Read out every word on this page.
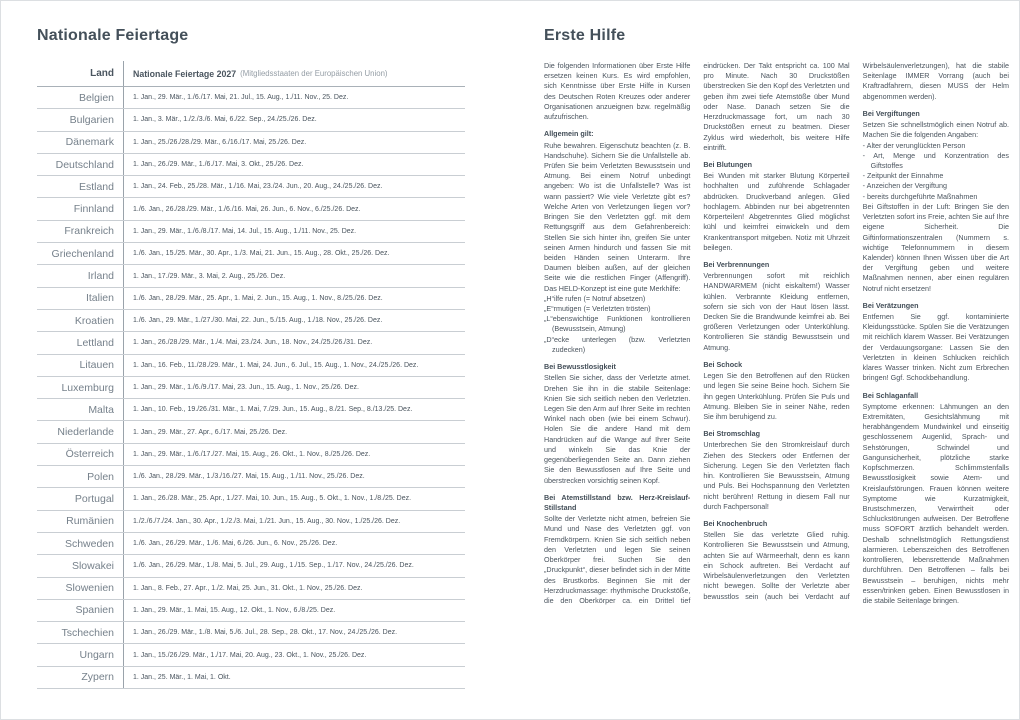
Nationale Feiertage
Land	Nationale Feiertage 2027 (Mitgliedsstaaten der Europäischen Union)
Belgien	1. Jan., 29. Mär., 1./6./17. Mai, 21. Jul., 15. Aug., 1./11. Nov., 25. Dez.
Bulgarien	1. Jan., 3. Mär., 1./2./3./6. Mai, 6./22. Sep., 24./25./26. Dez.
Dänemark	1. Jan., 25./26./28./29. Mär., 6./16./17. Mai, 25./26. Dez.
Deutschland	1. Jan., 26./29. Mär., 1./6./17. Mai, 3. Okt., 25./26. Dez.
Estland	1. Jan., 24. Feb., 25./28. Mär., 1./16. Mai, 23./24. Jun., 20. Aug., 24./25./26. Dez.
Finnland	1./6. Jan., 26./28./29. Mär., 1./6./16. Mai, 26. Jun., 6. Nov., 6./25./26. Dez.
Frankreich	1. Jan., 29. Mär., 1./6./8./17. Mai, 14. Jul., 15. Aug., 1./11. Nov., 25. Dez.
Griechenland	1./6. Jan., 15./25. Mär., 30. Apr., 1./3. Mai, 21. Jun., 15. Aug., 28. Okt., 25./26. Dez.
Irland	1. Jan., 17./29. Mär., 3. Mai, 2. Aug., 25./26. Dez.
Italien	1./6. Jan., 28./29. Mär., 25. Apr., 1. Mai, 2. Jun., 15. Aug., 1. Nov., 8./25./26. Dez.
Kroatien	1./6. Jan., 29. Mär., 1./27./30. Mai, 22. Jun., 5./15. Aug., 1./18. Nov., 25./26. Dez.
Lettland	1. Jan., 26./28./29. Mär., 1./4. Mai, 23./24. Jun., 18. Nov., 24./25./26./31. Dez.
Litauen	1. Jan., 16. Feb., 11./28./29. Mär., 1. Mai, 24. Jun., 6. Jul., 15. Aug., 1. Nov., 24./25./26. Dez.
Luxemburg	1. Jan., 29. Mär., 1./6./9./17. Mai, 23. Jun., 15. Aug., 1. Nov., 25./26. Dez.
Malta	1. Jan., 10. Feb., 19./26./31. Mär., 1. Mai, 7./29. Jun., 15. Aug., 8./21. Sep., 8./13./25. Dez.
Niederlande	1. Jan., 29. Mär., 27. Apr., 6./17. Mai, 25./26. Dez.
Österreich	1. Jan., 29. Mär., 1./6./17./27. Mai, 15. Aug., 26. Okt., 1. Nov., 8./25./26. Dez.
Polen	1./6. Jan., 28./29. Mär., 1./3./16./27. Mai, 15. Aug., 1./11. Nov., 25./26. Dez.
Portugal	1. Jan., 26./28. Mär., 25. Apr., 1./27. Mai, 10. Jun., 15. Aug., 5. Okt., 1. Nov., 1./8./25. Dez.
Rumänien	1./2./6./7./24. Jan., 30. Apr., 1./2./3. Mai, 1./21. Jun., 15. Aug., 30. Nov., 1./25./26. Dez.
Schweden	1./6. Jan., 26./29. Mär., 1./6. Mai, 6./26. Jun., 6. Nov., 25./26. Dez.
Slowakei	1./6. Jan., 26./29. Mär., 1./8. Mai, 5. Jul., 29. Aug., 1./15. Sep., 1./17. Nov., 24./25./26. Dez.
Slowenien	1. Jan., 8. Feb., 27. Apr., 1./2. Mai, 25. Jun., 31. Okt., 1. Nov., 25./26. Dez.
Spanien	1. Jan., 29. Mär., 1. Mai, 15. Aug., 12. Okt., 1. Nov., 6./8./25. Dez.
Tschechien	1. Jan., 26./29. Mär., 1./8. Mai, 5./6. Jul., 28. Sep., 28. Okt., 17. Nov., 24./25./26. Dez.
Ungarn	1. Jan., 15./26./29. Mär., 1./17. Mai, 20. Aug., 23. Okt., 1. Nov., 25./26. Dez.
Zypern	1. Jan., 25. Mär., 1. Mai, 1. Okt.
Erste Hilfe
Die folgenden Informationen über Erste Hilfe ersetzen keinen Kurs. Es wird empfohlen, sich Kenntnisse über Erste Hilfe in Kursen des Deutschen Roten Kreuzes oder anderer Organisationen anzueignen bzw. regelmäßig aufzufrischen.
Allgemein gilt:
Ruhe bewahren. Eigenschutz beachten (z. B. Handschuhe). Sichern Sie die Unfallstelle ab. Prüfen Sie beim Verletzten Bewusstsein und Atmung. Bei einem Notruf unbedingt angeben: Wo ist die Unfallstelle? Was ist wann passiert? Wie viele Verletzte gibt es? Welche Arten von Verletzungen liegen vor? Bringen Sie den Verletzten ggf. mit dem Rettungsgriff aus dem Gefahrenbereich: Stellen Sie sich hinter ihn, greifen Sie unter seinen Armen hindurch und fassen Sie mit beiden Händen seinen Unterarm. Ihre Daumen bleiben außen, auf der gleichen Seite wie die restlichen Finger (Affengriff). Das HELD-Konzept ist eine gute Merkhilfe:
„H“ilfe rufen (= Notruf absetzen)
„E“rmutigen (= Verletzten trösten)
„L“ebenswichtige Funktionen kontrollieren (Bewusstsein, Atmung)
„D“ecke unterlegen (bzw. Verletzten zudecken)
Bei Bewusstlosigkeit
Stellen Sie sicher, dass der Verletzte atmet. Drehen Sie ihn in die stabile Seitenlage: Knien Sie sich seitlich neben den Verletzten. Legen Sie den Arm auf Ihrer Seite im rechten Winkel nach oben (wie bei einem Schwur). Holen Sie die andere Hand mit dem Handrücken auf die Wange auf Ihrer Seite und winkeln Sie das Knie der gegenüberliegenden Seite an. Dann ziehen Sie den Bewusstlosen auf Ihre Seite und überstrecken vorsichtig seinen Kopf.
Bei Atemstillstand bzw. Herz-Kreislauf-Stillstand
Sollte der Verletzte nicht atmen, befreien Sie Mund und Nase des Verletzten ggf. von Fremdkörpern. Knien Sie sich seitlich neben den Verletzten und legen Sie seinen Oberkörper frei. Suchen Sie den „Druckpunkt“, dieser befindet sich in der Mitte des Brustkorbs. Beginnen Sie mit der Herzdruckmassage: rhythmische Druckstöße, die den Oberkörper ca. ein Drittel tief eindrücken. Der Takt entspricht ca. 100 Mal pro Minute. Nach 30 Druckstößen überstrecken Sie den Kopf des Verletzten und geben ihm zwei tiefe Atemstöße über Mund oder Nase. Danach setzen Sie die Herzdruckmassage fort, um nach 30 Druckstößen erneut zu beatmen. Dieser Zyklus wird wiederholt, bis weitere Hilfe eintrifft.
Bei Blutungen
Bei Wunden mit starker Blutung Körperteil hochhalten und zuführende Schlagader abdrücken. Druckverband anlegen. Glied hochlagern. Abbinden nur bei abgetrennten Körperteilen! Abgetrenntes Glied möglichst kühl und keimfrei einwickeln und dem Krankentransport mitgeben. Notiz mit Uhrzeit beilegen.
Bei Verbrennungen
Verbrennungen sofort mit reichlich HANDWARMEM (nicht eiskaltem!) Wasser kühlen. Verbrannte Kleidung entfernen, sofern sie sich von der Haut lösen lässt. Decken Sie die Brandwunde keimfrei ab. Bei größeren Verletzungen oder Unterkühlung. Kontrollieren Sie ständig Bewusstsein und Atmung.
Bei Schock
Legen Sie den Betroffenen auf den Rücken und legen Sie seine Beine hoch. Sichern Sie ihn gegen Unterkühlung. Prüfen Sie Puls und Atmung. Bleiben Sie in seiner Nähe, reden Sie ihm beruhigend zu.
Bei Stromschlag
Unterbrechen Sie den Stromkreislauf durch Ziehen des Steckers oder Entfernen der Sicherung. Legen Sie den Verletzten flach hin. Kontrollieren Sie Bewusstsein, Atmung und Puls. Bei Hochspannung den Verletzten nicht berühren! Rettung in diesem Fall nur durch Fachpersonal!
Bei Knochenbruch
Stellen Sie das verletzte Glied ruhig. Kontrollieren Sie Bewusstsein und Atmung, achten Sie auf Wärmeerhalt, denn es kann ein Schock auftreten. Bei Verdacht auf Wirbelsäulenverletzungen den Verletzten nicht bewegen. Sollte der Verletzte aber bewusstlos sein (auch bei Verdacht auf Wirbelsäulenverletzungen), hat die stabile Seitenlage IMMER Vorrang (auch bei Kraftradfahrern, diesen MUSS der Helm abgenommen werden).
Bei Vergiftungen
Setzen Sie schnellstmöglich einen Notruf ab. Machen Sie die folgenden Angaben:
- Alter der verunglückten Person
- Art, Menge und Konzentration des Giftstoffes
- Zeitpunkt der Einnahme
- Anzeichen der Vergiftung
- bereits durchgeführte Maßnahmen
Bei Giftstoffen in der Luft: Bringen Sie den Verletzten sofort ins Freie, achten Sie auf Ihre eigene Sicherheit. Die Giftinformationszentralen (Nummern s. wichtige Telefonnummern in diesem Kalender) können Ihnen Wissen über die Art der Vergiftung geben und weitere Maßnahmen nennen, aber einen regulären Notruf nicht ersetzen!
Bei Verätzungen
Entfernen Sie ggf. kontaminierte Kleidungsstücke. Spülen Sie die Verätzungen mit reichlich klarem Wasser. Bei Verätzungen der Verdauungsorgane: Lassen Sie den Verletzten in kleinen Schlucken reichlich klares Wasser trinken. Nicht zum Erbrechen bringen! Ggf. Schockbehandlung.
Bei Schlaganfall
Symptome erkennen: Lähmungen an den Extremitäten, Gesichtslähmung mit herabhängendem Mundwinkel und einseitig geschlossenem Augenlid, Sprach- und Sehstörungen, Schwindel und Gangunsicherheit, plötzliche starke Kopfschmerzen. Schlimmstenfalls Bewusstlosigkeit sowie Atem- und Kreislaufstörungen. Frauen können weitere Symptome wie Kurzatmigkeit, Brustschmerzen, Verwirrtheit oder Schluckstörungen aufweisen. Der Betroffene muss SOFORT ärztlich behandelt werden. Deshalb schnellstmöglich Rettungsdienst alarmieren. Lebenszeichen des Betroffenen kontrollieren, lebensrettende Maßnahmen durchführen. Den Betroffenen – falls bei Bewusstsein – beruhigen, nichts mehr essen/trinken geben. Einen Bewusstlosen in die stabile Seitenlage bringen.
